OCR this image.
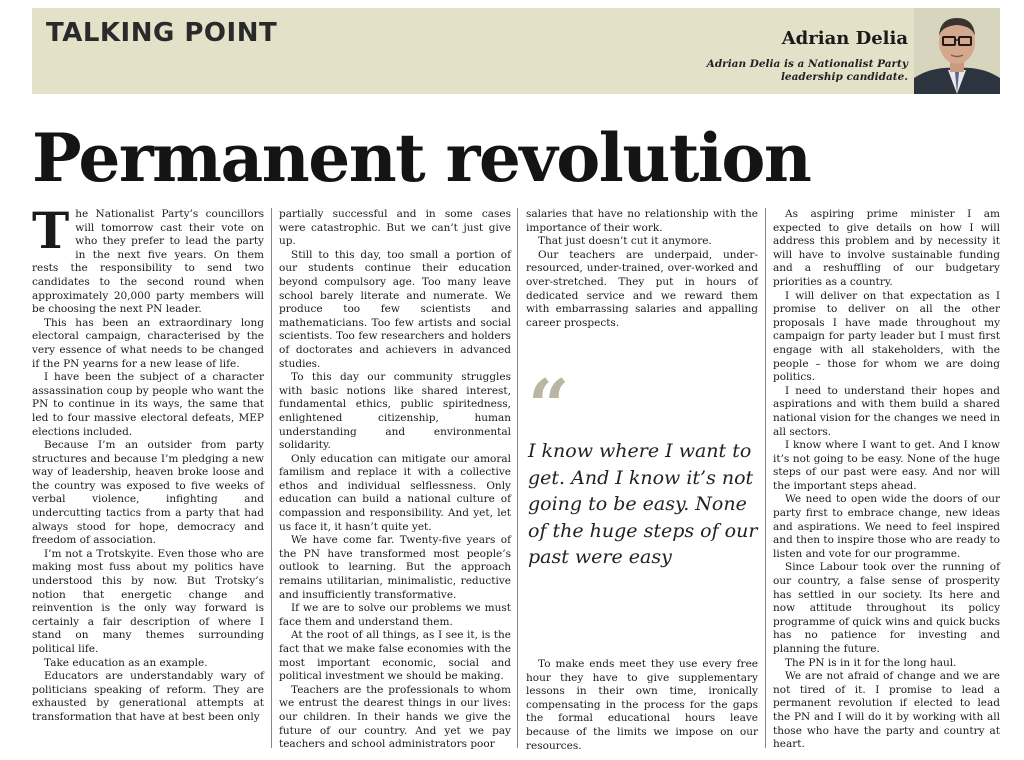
TALKING POINT	Adrian Delia
Adrian Delia is a Nationalist Party leadership candidate.
Permanent revolution

The Nationalist Party’s councillors will tomorrow cast their vote on who they prefer to lead the party in the next five years. On them rests the responsibility to send two candidates to the second round when approximately 20,000 party members will be choosing the next PN leader.

This has been an extraordinary long electoral campaign, characterised by the very essence of what needs to be changed if the PN yearns for a new lease of life.

I have been the subject of a character assassination coup by people who want the PN to continue in its ways, the same that led to four massive electoral defeats, MEP elections included.

Because I’m an outsider from party structures and because I’m pledging a new way of leadership, heaven broke loose and the country was exposed to five weeks of verbal violence, infighting and undercutting tactics from a party that had always stood for hope, democracy and freedom of association.

I’m not a Trotskyite. Even those who are making most fuss about my politics have understood this by now. But Trotsky’s notion that energetic change and reinvention is the only way forward is certainly a fair description of where I stand on many themes surrounding political life.

Take education as an example.

Educators are understandably wary of politicians speaking of reform. They are exhausted by generational attempts at transformation that have at best been only

partially successful and in some cases were catastrophic. But we can’t just give up.

Still to this day, too small a portion of our students continue their education beyond compulsory age. Too many leave school barely literate and numerate. We produce too few scientists and mathematicians. Too few artists and social scientists. Too few researchers and holders of doctorates and achievers in advanced studies.

To this day our community struggles with basic notions like shared interest, fundamental ethics, public spiritedness, enlightened citizenship, human understanding and environmental solidarity.

Only education can mitigate our amoral familism and replace it with a collective ethos and individual selflessness. Only education can build a national culture of compassion and responsibility. And yet, let us face it, it hasn’t quite yet.

We have come far. Twenty-five years of the PN have transformed most people’s outlook to learning. But the approach remains utilitarian, minimalistic, reductive and insufficiently transformative.

If we are to solve our problems we must face them and understand them.

At the root of all things, as I see it, is the fact that we make false economies with the most important economic, social and political investment we should be making.

Teachers are the professionals to whom we entrust the dearest things in our lives: our children. In their hands we give the future of our country. And yet we pay teachers and school administrators poor

salaries that have no relationship with the importance of their work.

That just doesn’t cut it anymore.

Our teachers are underpaid, under-resourced, under-trained, over-worked and over-stretched. They put in hours of dedicated service and we reward them with embarrassing salaries and appalling career prospects.

“
I know where I want to get. And I know it’s not going to be easy. None of the huge steps of our past were easy

To make ends meet they use every free hour they have to give supplementary lessons in their own time, ironically compensating in the process for the gaps the formal educational hours leave because of the limits we impose on our resources.

As aspiring prime minister I am expected to give details on how I will address this problem and by necessity it will have to involve sustainable funding and a reshuffling of our budgetary priorities as a country.

I will deliver on that expectation as I promise to deliver on all the other proposals I have made throughout my campaign for party leader but I must first engage with all stakeholders, with the people – those for whom we are doing politics.

I need to understand their hopes and aspirations and with them build a shared national vision for the changes we need in all sectors.

I know where I want to get. And I know it’s not going to be easy. None of the huge steps of our past were easy. And nor will the important steps ahead.

We need to open wide the doors of our party first to embrace change, new ideas and aspirations. We need to feel inspired and then to inspire those who are ready to listen and vote for our programme.

Since Labour took over the running of our country, a false sense of prosperity has settled in our society. Its here and now attitude throughout its policy programme of quick wins and quick bucks has no patience for investing and planning the future.

The PN is in it for the long haul.

We are not afraid of change and we are not tired of it. I promise to lead a permanent revolution if elected to lead the PN and I will do it by working with all those who have the party and country at heart.
